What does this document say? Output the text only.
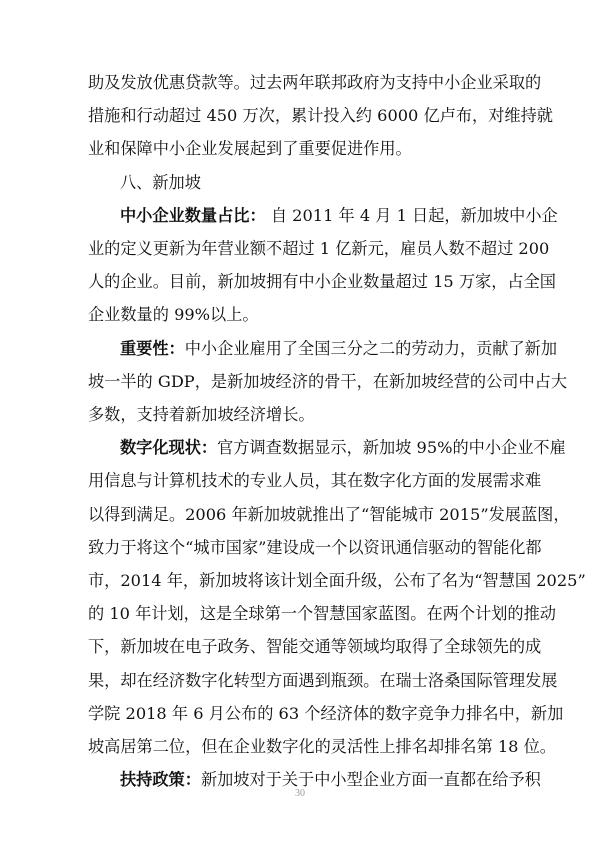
助及发放优惠贷款等。过去两年联邦政府为支持中小企业采取的
措施和行动超过 450 万次，累计投入约 6000 亿卢布，对维持就
业和保障中小企业发展起到了重要促进作用。
八、新加坡
中小企业数量占比： 自 2011 年 4 月 1 日起，新加坡中小企
业的定义更新为年营业额不超过 1 亿新元，雇员人数不超过 200
人的企业。目前，新加坡拥有中小企业数量超过 15 万家，占全国
企业数量的 99%以上。
重要性：中小企业雇用了全国三分之二的劳动力，贡献了新加
坡一半的 GDP，是新加坡经济的骨干，在新加坡经营的公司中占大
多数，支持着新加坡经济增长。
数字化现状：官方调查数据显示，新加坡 95%的中小企业不雇
用信息与计算机技术的专业人员，其在数字化方面的发展需求难
以得到满足。2006 年新加坡就推出了“智能城市 2015”发展蓝图，
致力于将这个“城市国家”建设成一个以资讯通信驱动的智能化都
市，2014 年，新加坡将该计划全面升级，公布了名为“智慧国 2025”
的 10 年计划，这是全球第一个智慧国家蓝图。在两个计划的推动
下，新加坡在电子政务、智能交通等领域均取得了全球领先的成
果，却在经济数字化转型方面遇到瓶颈。在瑞士洛桑国际管理发展
学院 2018 年 6 月公布的 63 个经济体的数字竞争力排名中，新加
坡高居第二位，但在企业数字化的灵活性上排名却排名第 18 位。
扶持政策：新加坡对于关于中小型企业方面一直都在给予积
30
